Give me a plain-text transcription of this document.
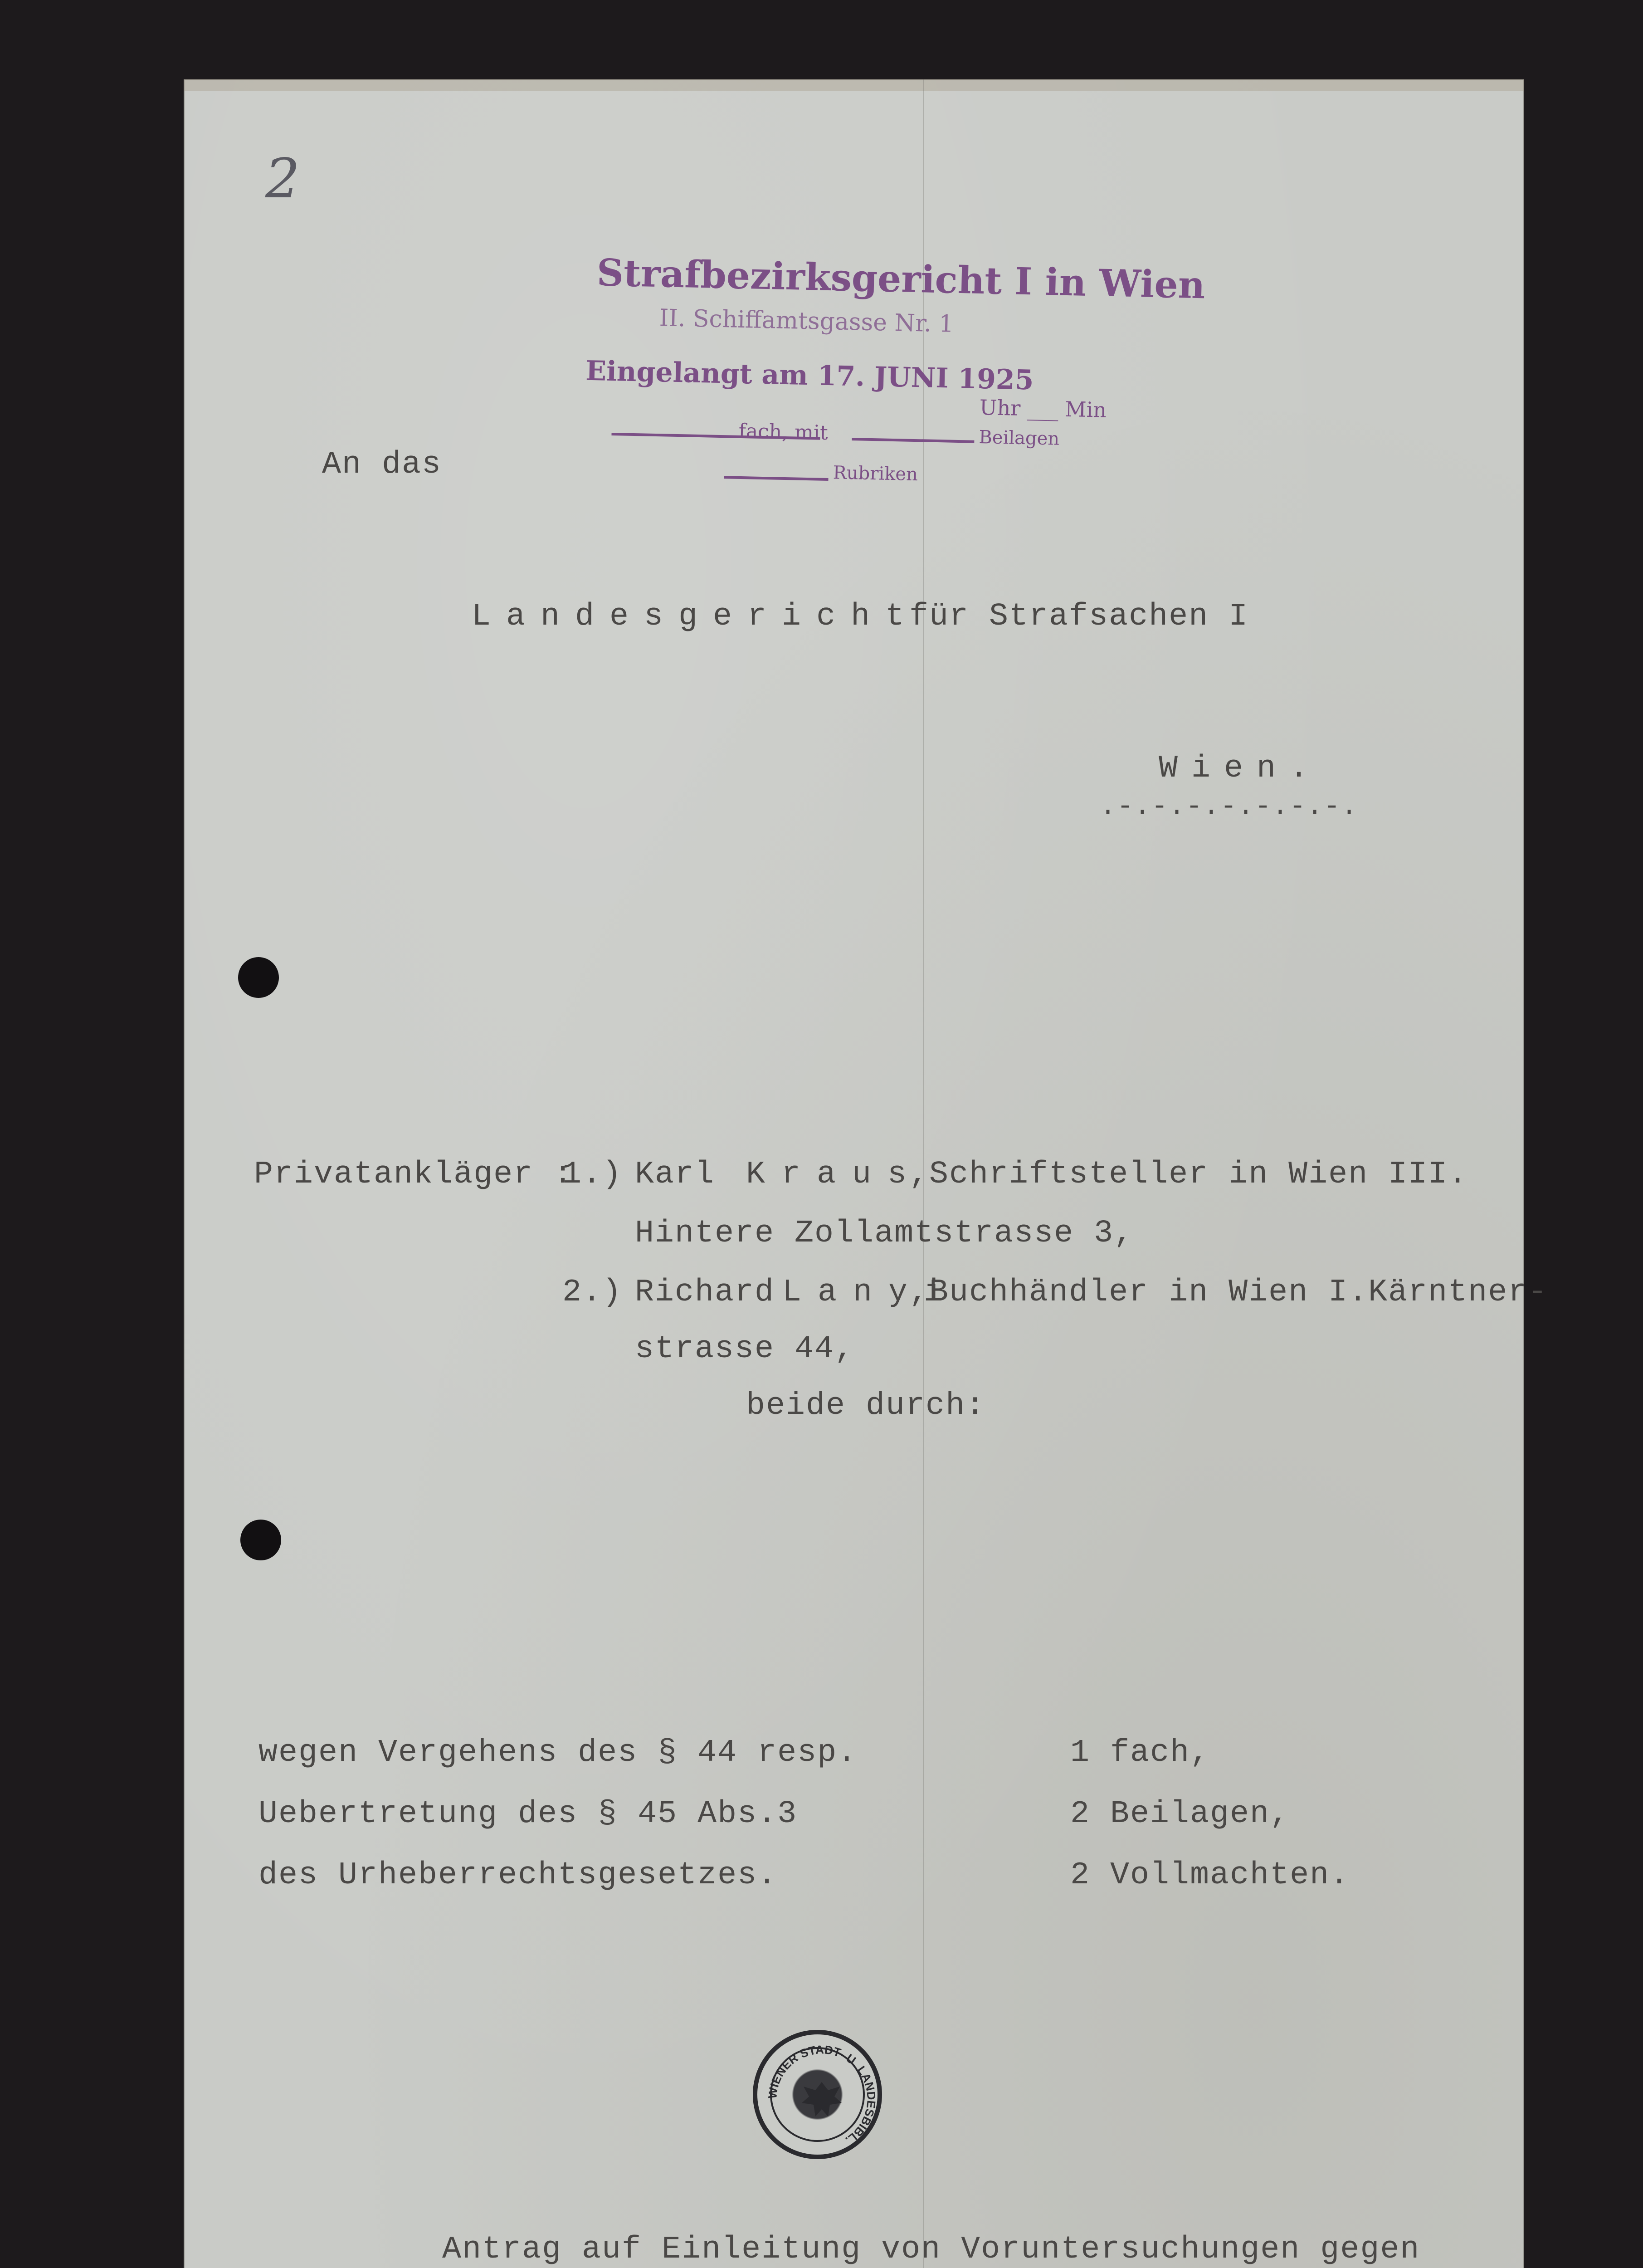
2
Strafbezirksgericht I in Wien
II. Schiffamtsgasse Nr. 1
Eingelangt am 17. JUNI 1925
Uhr ___ Min
fach, mit	Beilagen
Rubriken
An das
Landesgericht
für Strafsachen I
Wien.
.-.-.-.-.-.-.-.
Privatankläger :
1.) Karl Kraus
,Schriftsteller in Wien III.
Hintere Zollamtstrasse 3,
2.) Richard Lanyi
,Buchhändler in Wien I.Kärntner-
strasse 44,
beide durch:
wegen Vergehens des § 44 resp.
Uebertretung des § 45 Abs.3
des Urheberrechtsgesetzes.
1 fach,
2 Beilagen,
2 Vollmachten.
WIENER STADT- U. LANDESBIBL.
Antrag auf Einleitung von Voruntersuchungen gegen
